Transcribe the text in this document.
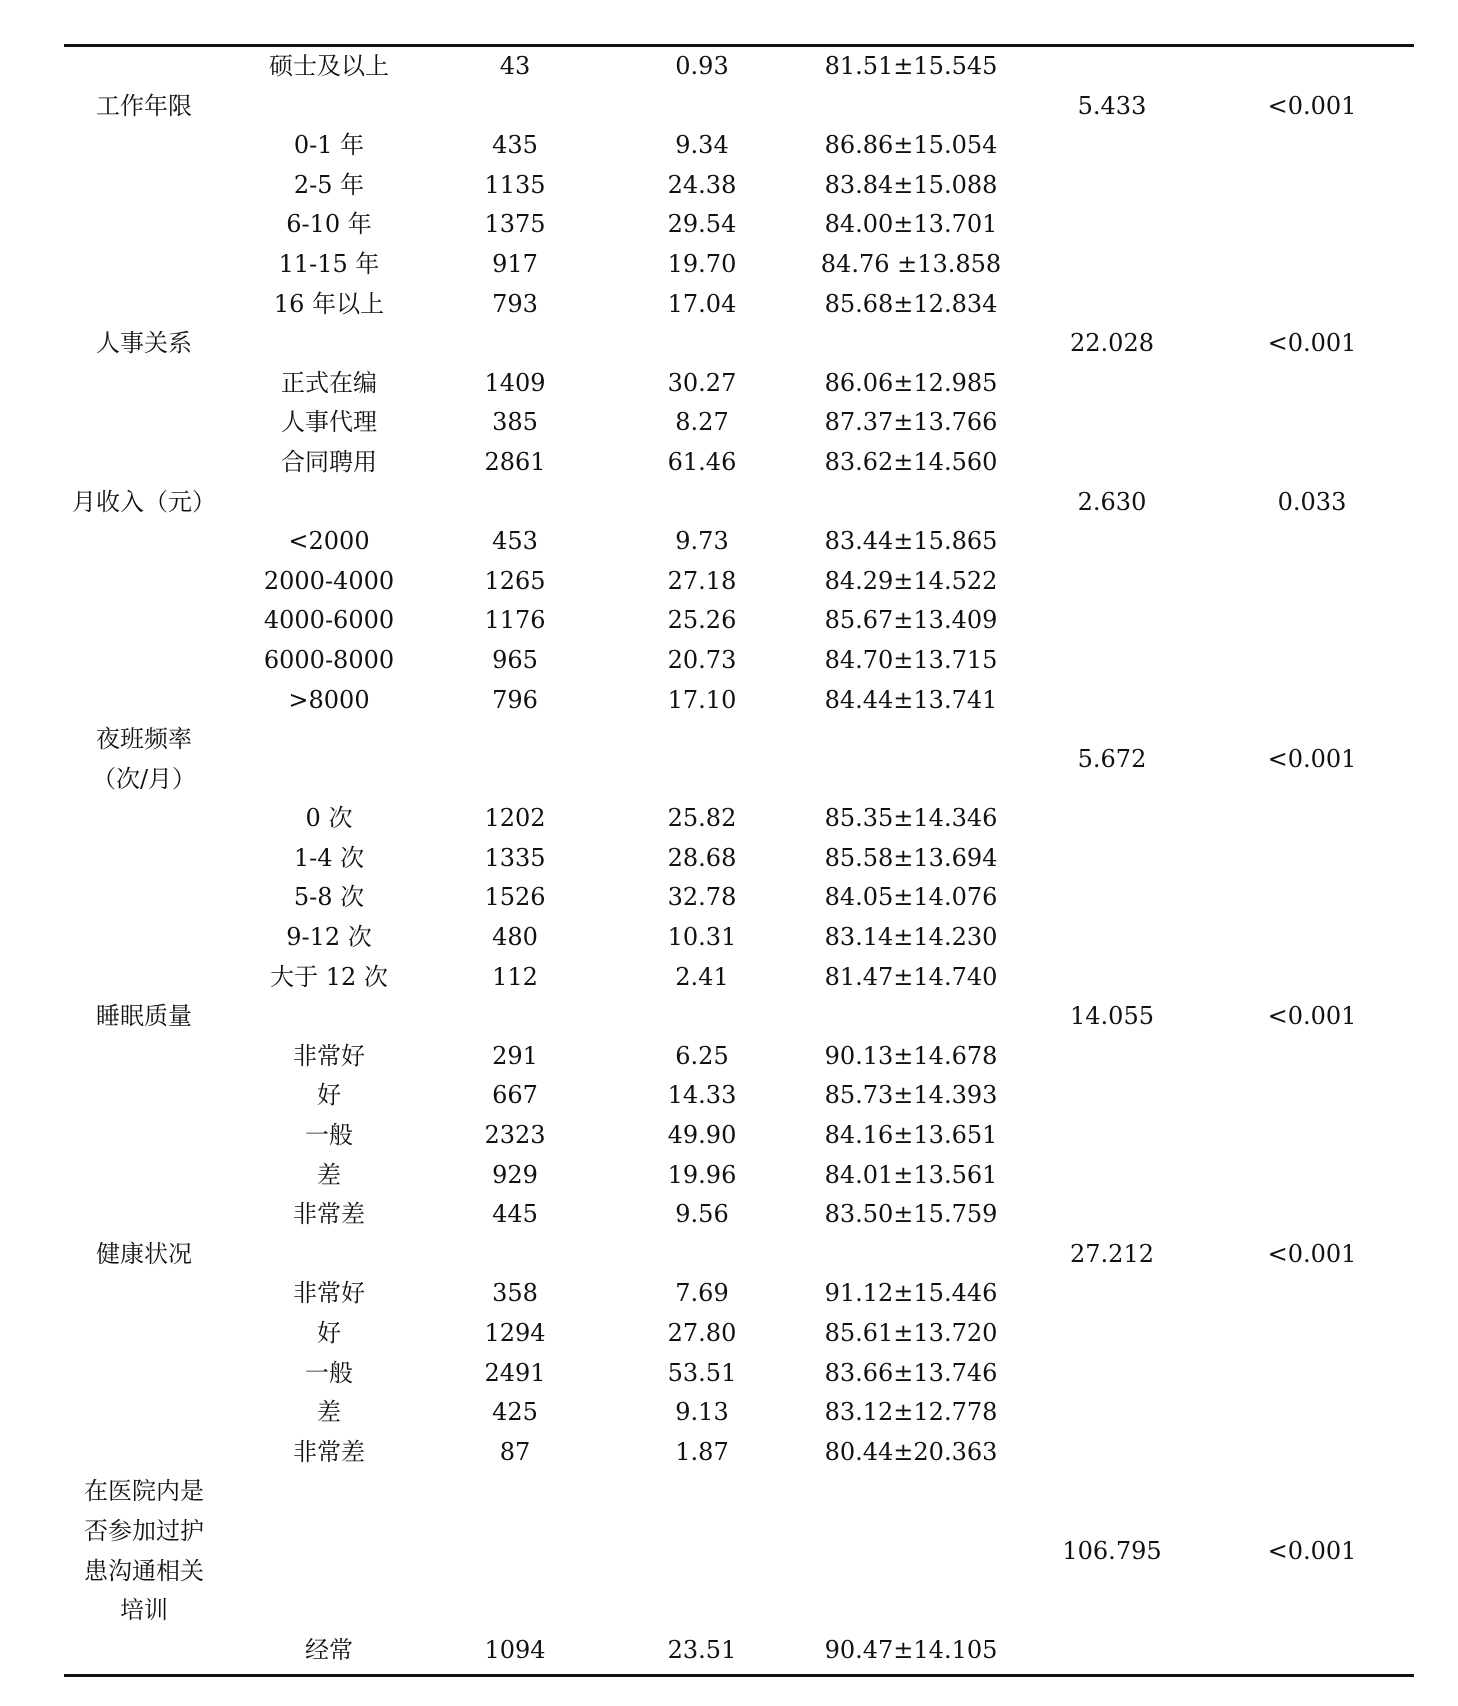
	硕士及以上	43	0.93	81.51±15.545		
工作年限					5.433	<0.001
	0-1 年	435	9.34	86.86±15.054		
	2-5 年	1135	24.38	83.84±15.088		
	6-10 年	1375	29.54	84.00±13.701		
	11-15 年	917	19.70	84.76 ±13.858		
	16 年以上	793	17.04	85.68±12.834		
人事关系					22.028	<0.001
	正式在编	1409	30.27	86.06±12.985		
	人事代理	385	8.27	87.37±13.766		
	合同聘用	2861	61.46	83.62±14.560		
月收入（元）					2.630	0.033
	<2000	453	9.73	83.44±15.865		
	2000-4000	1265	27.18	84.29±14.522		
	4000-6000	1176	25.26	85.67±13.409		
	6000-8000	965	20.73	84.70±13.715		
	>8000	796	17.10	84.44±13.741		

夜班频率（次/月）					5.672	<0.001
	0 次	1202	25.82	85.35±14.346		
	1-4 次	1335	28.68	85.58±13.694		
	5-8 次	1526	32.78	84.05±14.076		
	9-12 次	480	10.31	83.14±14.230		
	大于 12 次	112	2.41	81.47±14.740		
睡眠质量					14.055	<0.001
	非常好	291	6.25	90.13±14.678		
	好	667	14.33	85.73±14.393		
	一般	2323	49.90	84.16±13.651		
	差	929	19.96	84.01±13.561		
	非常差	445	9.56	83.50±15.759		
健康状况					27.212	<0.001
	非常好	358	7.69	91.12±15.446		
	好	1294	27.80	85.61±13.720		
	一般	2491	53.51	83.66±13.746		
	差	425	9.13	83.12±12.778		
	非常差	87	1.87	80.44±20.363		

在医院内是否参加过护患沟通相关培训					106.795	<0.001
	经常	1094	23.51	90.47±14.105		
